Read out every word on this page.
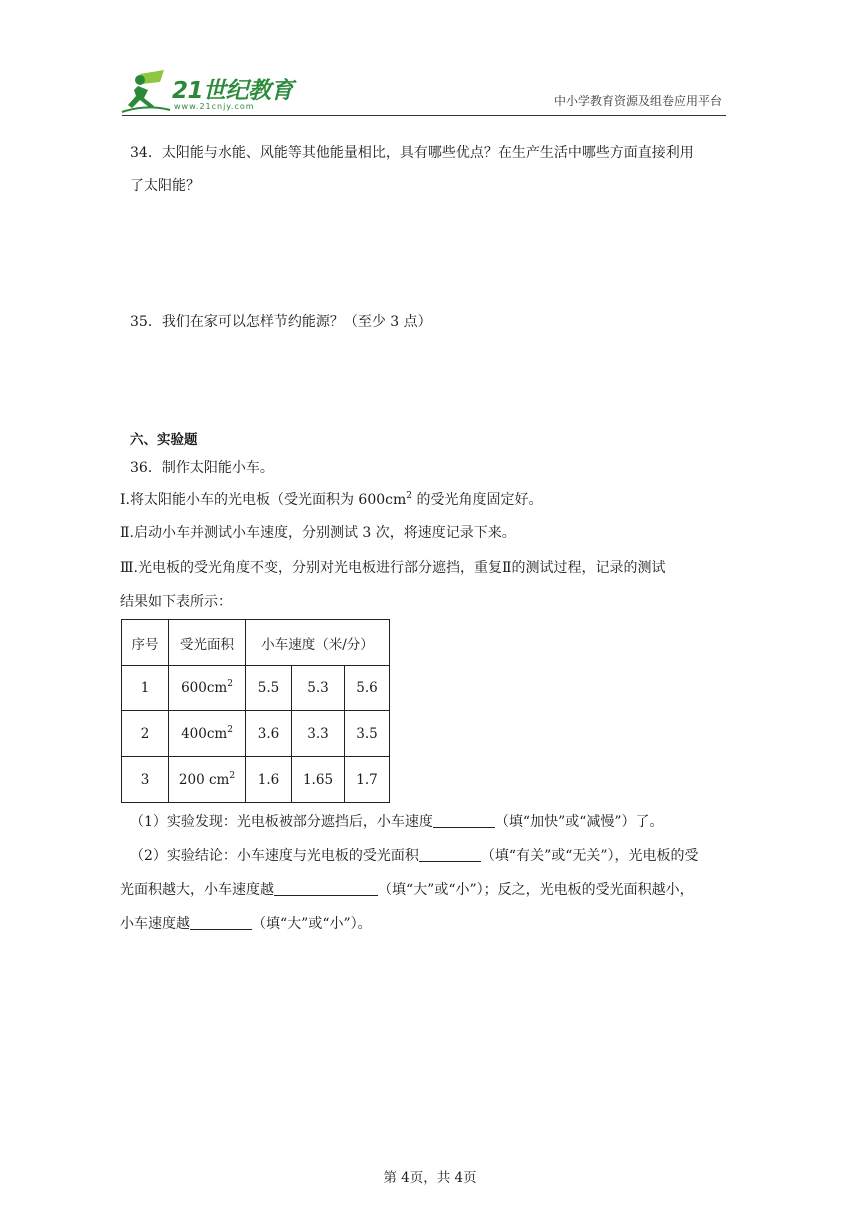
21世纪教育
www.21cnjy.com	中小学教育资源及组卷应用平台
34．太阳能与水能、风能等其他能量相比，具有哪些优点？在生产生活中哪些方面直接利用
了太阳能？
35．我们在家可以怎样节约能源？（至少 3 点）
六、实验题
36．制作太阳能小车。
Ⅰ.将太阳能小车的光电板（受光面积为 $600cm^2$ 的受光角度固定好。
Ⅱ.启动小车并测试小车速度，分别测试 3 次，将速度记录下来。
Ⅲ.光电板的受光角度不变，分别对光电板进行部分遮挡，重复Ⅱ的测试过程，记录的测试
结果如下表所示：
序号	受光面积	小车速度（米/分）		
1	$600cm^2$	5.5	5.3	5.6
2	$400cm^2$	3.6	3.3	3.5
3	200 $cm^2$	1.6	1.65	1.7
（1）实验发现：光电板被部分遮挡后，小车速度	（填“加快”或“减慢”）了。
（2）实验结论：小车速度与光电板的受光面积	（填“有关”或“无关”），光电板的受
光面积越大，小车速度越	（填“大”或“小”）；反之，光电板的受光面积越小，
小车速度越	（填“大”或“小”）。
第 4页，共 4页
